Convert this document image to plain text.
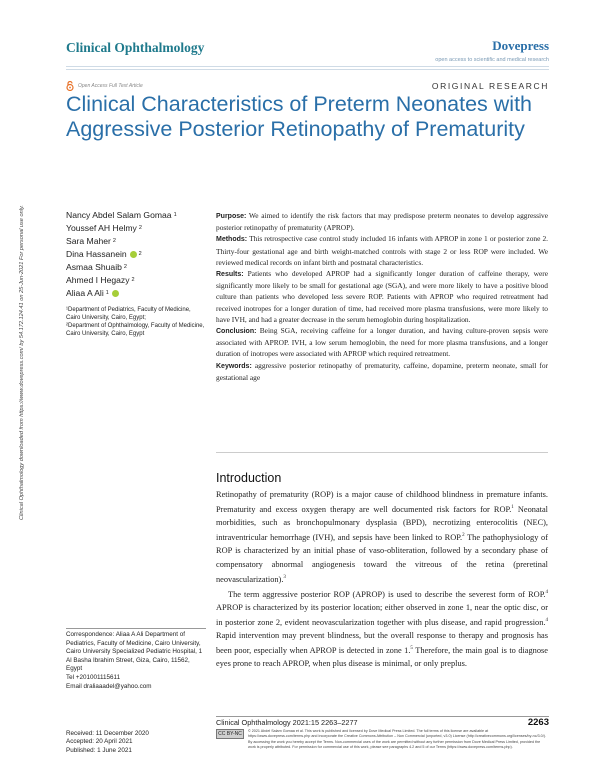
Clinical Ophthalmology	Dovepress
open access to scientific and medical research
Open Access Full Text Article	ORIGINAL RESEARCH
Clinical Characteristics of Preterm Neonates with Aggressive Posterior Retinopathy of Prematurity
Clinical Ophthalmology downloaded from https://www.dovepress.com/ by 54.172.124.41 on 25-Jun-2021 For personal use only.	Nancy Abdel Salam Gomaa 1
Youssef AH Helmy 2
Sara Maher 2
Dina Hassanein 2
Asmaa Shuaib 2
Ahmed I Hegazy 2
Aliaa A Ali 1

¹Department of Pediatrics, Faculty of Medicine, Cairo University, Cairo, Egypt;

²Department of Ophthalmology, Faculty of Medicine, Cairo University, Cairo, Egypt

Purpose: We aimed to identify the risk factors that may predispose preterm neonates to develop aggressive posterior retinopathy of prematurity (APROP).

Methods: This retrospective case control study included 16 infants with APROP in zone 1 or posterior zone 2. Thirty-four gestational age and birth weight-matched controls with stage 2 or less ROP were included. We reviewed medical records on infant birth and postnatal characteristics.

Results: Patients who developed APROP had a significantly longer duration of caffeine therapy, were significantly more likely to be small for gestational age (SGA), and were more likely to have a positive blood culture than patients who developed less severe ROP. Patients with APROP who required retreatment had received inotropes for a longer duration of time, had received more plasma transfusions, were more likely to have IVH, and had a greater decrease in the serum hemoglobin during hospitalization.

Conclusion: Being SGA, receiving caffeine for a longer duration, and having culture-proven sepsis were associated with APROP. IVH, a low serum hemoglobin, the need for more plasma transfusions, and a longer duration of inotropes were associated with APROP which required retreatment.

Keywords: aggressive posterior retinopathy of prematurity, caffeine, dopamine, preterm neonate, small for gestational age

Introduction

Retinopathy of prematurity (ROP) is a major cause of childhood blindness in premature infants. Prematurity and excess oxygen therapy are well documented risk factors for ROP.$^1$ Neonatal morbidities, such as bronchopulmonary dysplasia (BPD), necrotizing enterocolitis (NEC), intraventricular hemorrhage (IVH), and sepsis have been linked to ROP.$^2$ The pathophysiology of ROP is characterized by an initial phase of vaso-obliteration, followed by a secondary phase of compensatory abnormal angiogenesis toward the vitreous of the retina (preretinal neovascularization).$^3$

The term aggressive posterior ROP (APROP) is used to describe the severest form of ROP.$^4$ APROP is characterized by its posterior location; either observed in zone 1, near the optic disc, or in posterior zone 2, evident neovascularization together with plus disease, and rapid progression.$^4$ Rapid intervention may prevent blindness, but the overall response to therapy and prognosis has been poor, especially when APROP is detected in zone 1.$^5$ Therefore, the main goal is to diagnose eyes prone to reach APROP, when plus disease is minimal, or only preplus.

Correspondence: Aliaa A Ali Department of Pediatrics, Faculty of Medicine, Cairo University, Cairo University Specialized Pediatric Hospital, 1 Al Basha Ibrahim Street, Giza, Cairo, 11562, Egypt
Tel +201001115611
Email draliaaadel@yahoo.com
Received: 11 December 2020
Accepted: 20 April 2021
Published: 1 June 2021
Clinical Ophthalmology 2021:15 2263–2277	2263
CC BY-NC	© 2021 Abdel Salam Gomaa et al. This work is published and licensed by Dove Medical Press Limited. The full terms of this license are available at https://www.dovepress.com/terms.php and incorporate the Creative Commons Attribution – Non Commercial (unported, v3.0) License (http://creativecommons.org/licenses/by-nc/3.0/). By accessing the work you hereby accept the Terms. Non-commercial uses of the work are permitted without any further permission from Dove Medical Press Limited, provided the work is properly attributed. For permission for commercial use of this work, please see paragraphs 4.2 and 5 of our Terms (https://www.dovepress.com/terms.php).
